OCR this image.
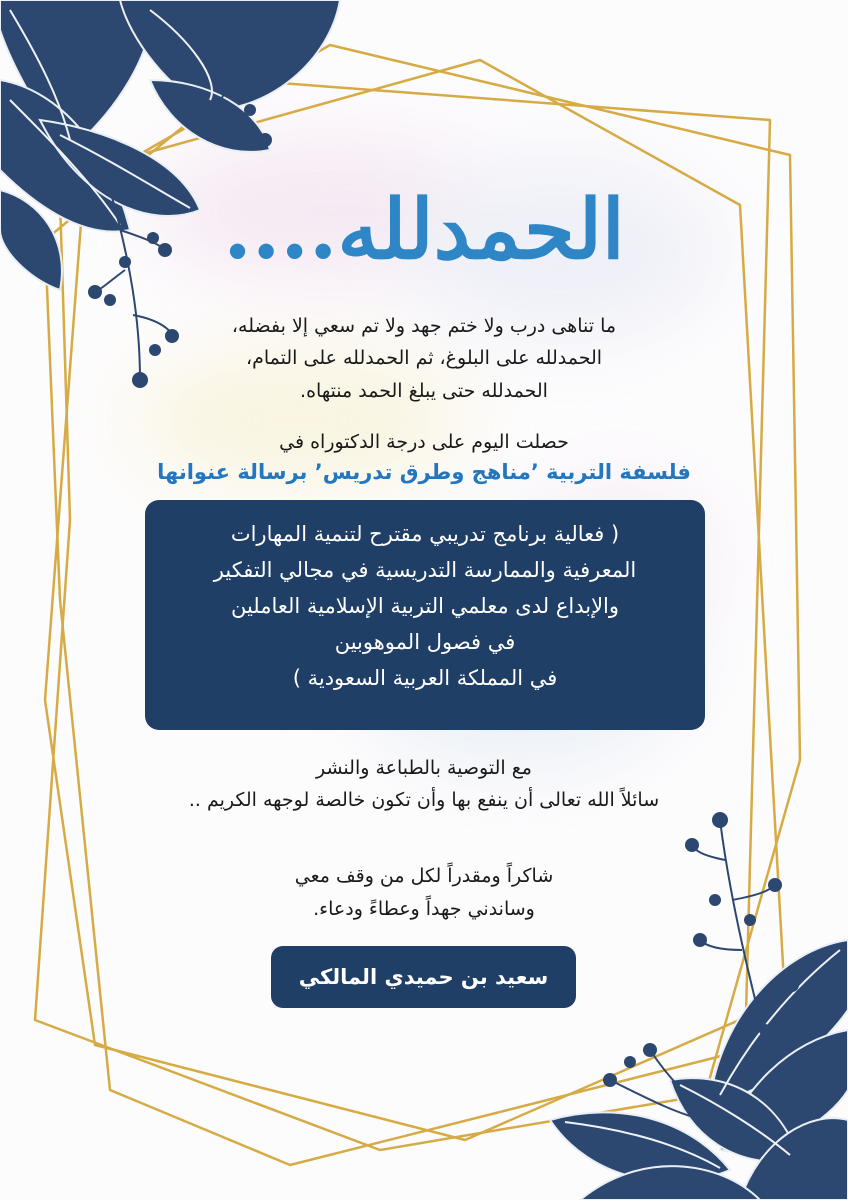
الحمدلله....
ما تناهى درب ولا ختم جهد ولا تم سعي إلا بفضله،
الحمدلله على البلوغ، ثم الحمدلله على التمام،
الحمدلله حتى يبلغ الحمد منتهاه.
حصلت اليوم على درجة الدكتوراه في
فلسفة التربية ’مناهج وطرق تدريس’ برسالة عنوانها
( فعالية برنامج تدريبي مقترح لتنمية المهارات
المعرفية والممارسة التدريسية في مجالي التفكير
والإبداع لدى معلمي التربية الإسلامية العاملين
في فصول الموهوبين
في المملكة العربية السعودية )
مع التوصية بالطباعة والنشر
سائلاً الله تعالى أن ينفع بها وأن تكون خالصة لوجهه الكريم ..
شاكراً ومقدراً لكل من وقف معي
وساندني جهداً وعطاءً ودعاء.
سعيد بن حميدي المالكي
